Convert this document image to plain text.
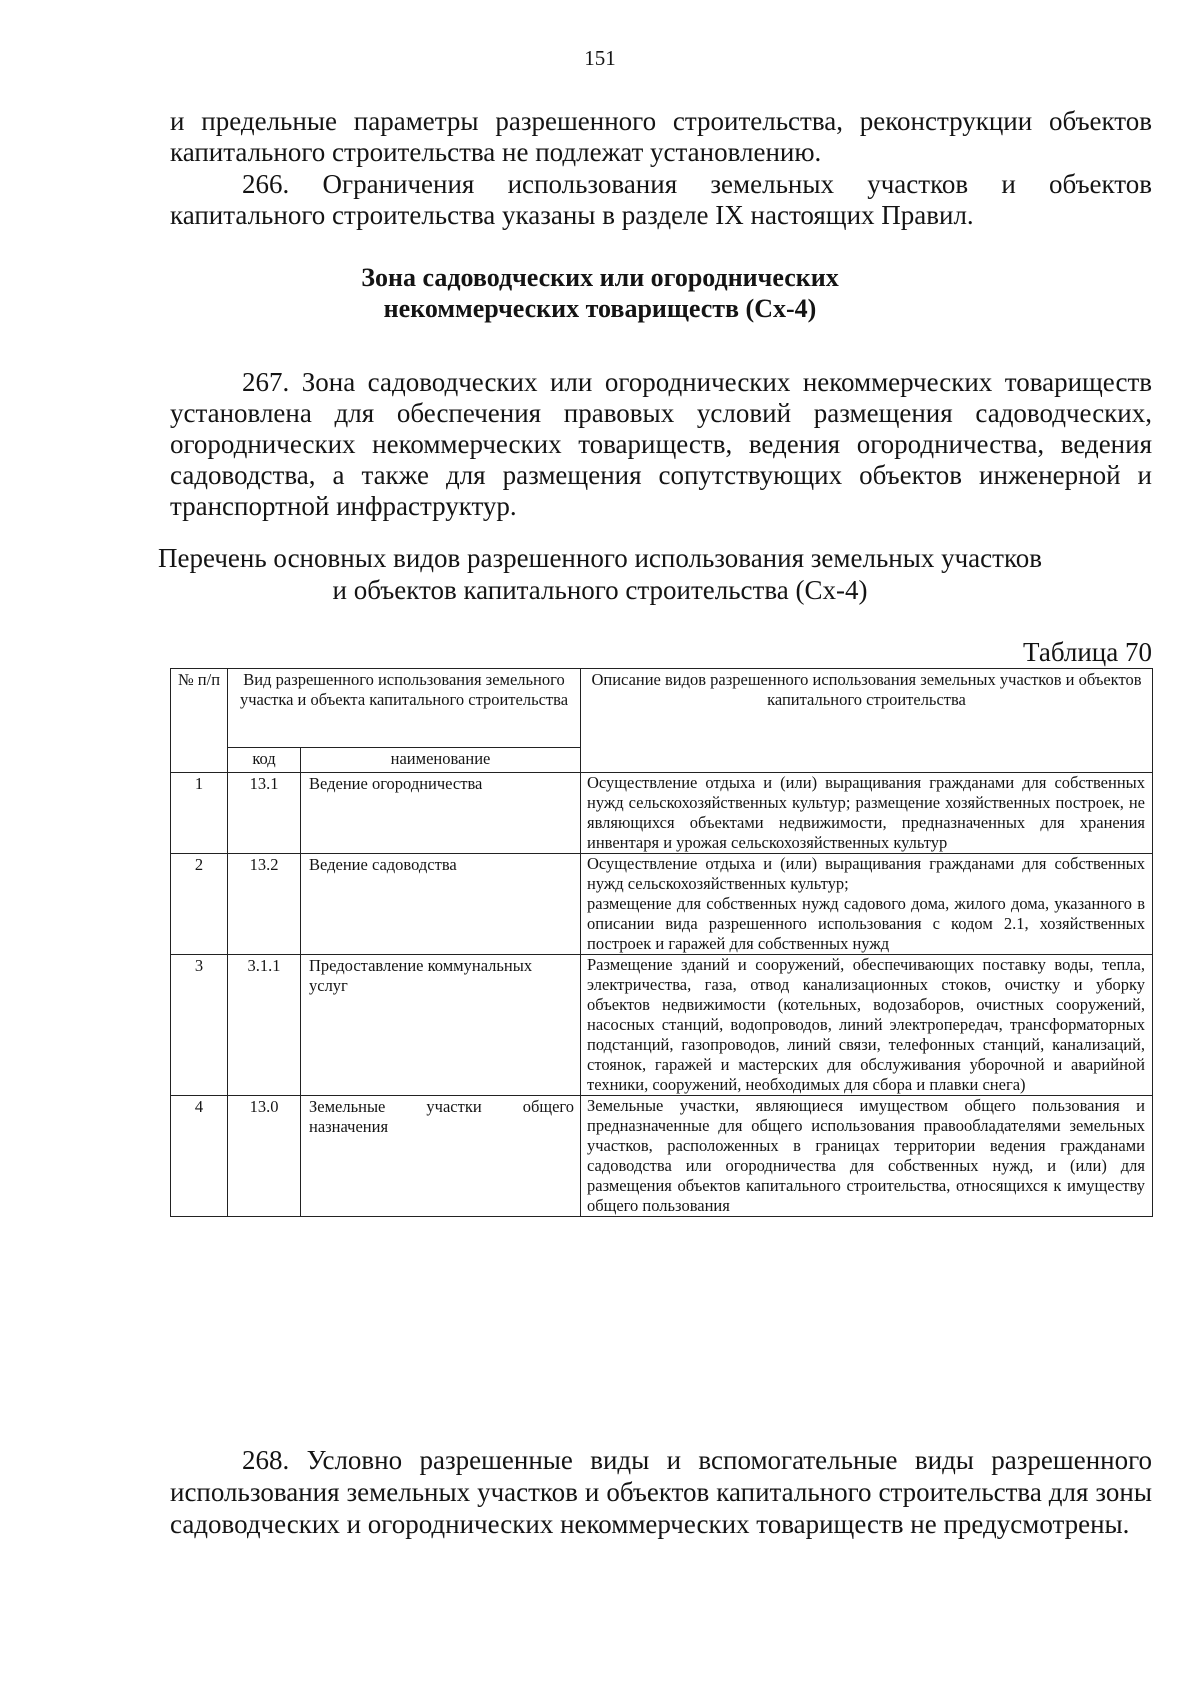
151

и предельные параметры разрешенного строительства, реконструкции объектов капитального строительства не подлежат установлению.

266. Ограничения использования земельных участков и объектов капитального строительства указаны в разделе IX настоящих Правил.

Зона садоводческих или огороднических
некоммерческих товариществ (Сх-4)

267. Зона садоводческих или огороднических некоммерческих товариществ установлена для обеспечения правовых условий размещения садоводческих, огороднических некоммерческих товариществ, ведения огородничества, ведения садоводства, а также для размещения сопутствующих объектов инженерной и транспортной инфраструктур.

Перечень основных видов разрешенного использования земельных участков
и объектов капитального строительства (Сх-4)
Таблица 70
№ п/п	Вид разрешенного использования земельного участка и объекта капитального строительства		Описание видов разрешенного использования земельных участков и объектов капитального строительства
	код	наименование	
1	13.1	Ведение огородничества	Осуществление отдыха и (или) выращивания гражданами для собственных нужд сельскохозяйственных культур; размещение хозяйственных построек, не являющихся объектами недвижимости, предназначенных для хранения инвентаря и урожая сельскохозяйственных культур
2	13.2	Ведение садоводства	Осуществление отдыха и (или) выращивания гражданами для собственных нужд сельскохозяйственных культур;
размещение для собственных нужд садового дома, жилого дома, указанного в описании вида разрешенного использования с кодом 2.1, хозяйственных построек и гаражей для собственных нужд

3	3.1.1	Предоставление коммунальных услуг	Размещение зданий и сооружений, обеспечивающих поставку воды, тепла, электричества, газа, отвод канализационных стоков, очистку и уборку объектов недвижимости (котельных, водозаборов, очистных сооружений, насосных станций, водопроводов, линий электропередач, трансформаторных подстанций, газопроводов, линий связи, телефонных станций, канализаций, стоянок, гаражей и мастерских для обслуживания уборочной и аварийной техники, сооружений, необходимых для сбора и плавки снега)
4	13.0	Земельные участки общего назначения	Земельные участки, являющиеся имуществом общего пользования и предназначенные для общего использования правообладателями земельных участков, расположенных в границах территории ведения гражданами садоводства или огородничества для собственных нужд, и (или) для размещения объектов капитального строительства, относящихся к имуществу общего пользования

268. Условно разрешенные виды и вспомогательные виды разрешенного использования земельных участков и объектов капитального строительства для зоны садоводческих и огороднических некоммерческих товариществ не предусмотрены.
